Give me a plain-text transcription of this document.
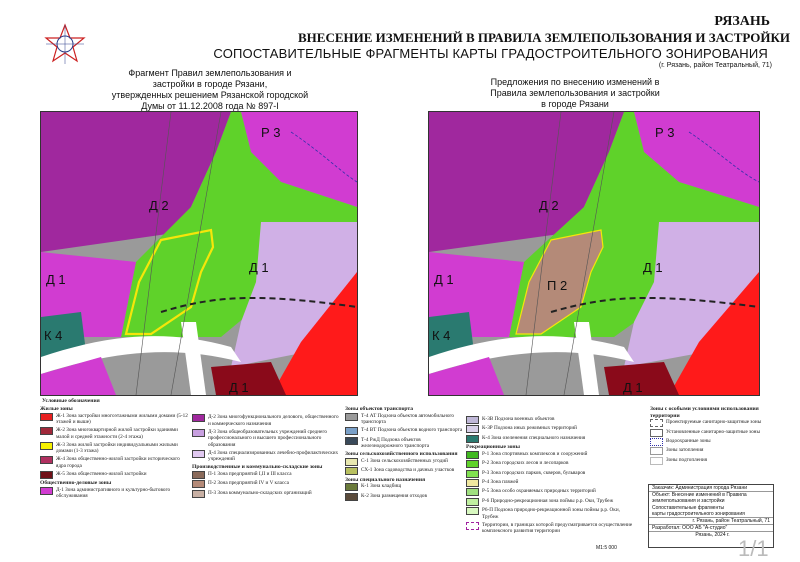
РЯЗАНЬ
ВНЕСЕНИЕ ИЗМЕНЕНИЙ В ПРАВИЛА ЗЕМЛЕПОЛЬЗОВАНИЯ И ЗАСТРОЙКИ
СОПОСТАВИТЕЛЬНЫЕ ФРАГМЕНТЫ КАРТЫ ГРАДОСТРОИТЕЛЬНОГО ЗОНИРОВАНИЯ
(г. Рязань, район Театральный, 71)
Фрагмент Правил землепользования и
застройки в городе Рязани,
утвержденных решением Рязанской городской
Думы от 11.12.2008 года № 897-I
Предложения по внесению изменений в
Правила землепользования и застройки
в городе Рязани
Р 3
Д 2
Д 1
Д 1
К 4
Д 1
Р 3
Д 2
П 2
Д 1
Д 1
К 4
Д 1
Условные обозначения
Жилые зоны
Ж-1 Зона застройки многоэтажными жилыми домами (5-12 этажей и выше)
Ж-2 Зона многоквартирной жилой застройки зданиями малой и средней этажности (2-4 этажа)
Ж-3 Зона жилой застройки индивидуальными жилыми домами (1-3 этажа)
Ж-4 Зона общественно-жилой застройки исторического ядра города
Ж-5 Зона общественно-жилой застройки
Общественно-деловые зоны
Д-1 Зона административного и культурно-бытового обслуживания
Д-2 Зона многофункционального делового, общественного и коммерческого назначения
Д-3 Зона общеобразовательных учреждений среднего профессионального и высшего профессионального образования
Д-4 Зона специализированных лечебно-профилактических учреждений
Производственные и коммунально-складские зоны
П-1 Зона предприятий I,II и III класса
П-2 Зона предприятий IV и V класса
П-3 Зона коммунально-складских организаций
Зоны объектов транспорта
Т-4 АТ Подзона объектов автомобильного транспорта
Т-4 ВТ Подзона объектов водного транспорта
Т-4 РжД Подзона объектов железнодорожного транспорта
Зоны сельскохозяйственного использования
С-1 Зона сельскохозяйственных угодий
СХ-1 Зона садоводства и дачных участков
Зоны специального назначения
К-1 Зона кладбищ
К-2 Зона размещения отходов
К-3В Подзона военных объектов
К-3Р Подзона иных режимных территорий
К-4 Зона озеленения специального назначения
Рекреационные зоны
Р-1 Зона спортивных комплексов и сооружений
Р-2 Зона городских лесов и лесопарков
Р-3 Зона городских парков, скверов, бульваров
Р-4 Зона пляжей
Р-5 Зона особо охраняемых природных территорий
Р-6 Природно-рекреационная зона поймы р.р. Оки, Трубеж
Р6-П Подзона природно-рекреационной зоны поймы р.р. Оки, Трубеж
Территории, в границах которой предусматривается осуществление комплексного развития территории
Зоны с особыми условиями использования территории
Проектируемые санитарно-защитные зоны
Установленные санитарно-защитные зоны
Водоохранные зоны
Зоны затопления
Зоны подтопления
Заказчик: Администрация города Рязани
Объект: Внесение изменений в Правила
землепользования и застройки
Сопоставительные фрагменты
карты градостроительного зонирования
г. Рязань, район Театральный, 71
Разработал: ООО АБ "А-студио"
Рязань, 2024 г.
М1:5 000	1/1
